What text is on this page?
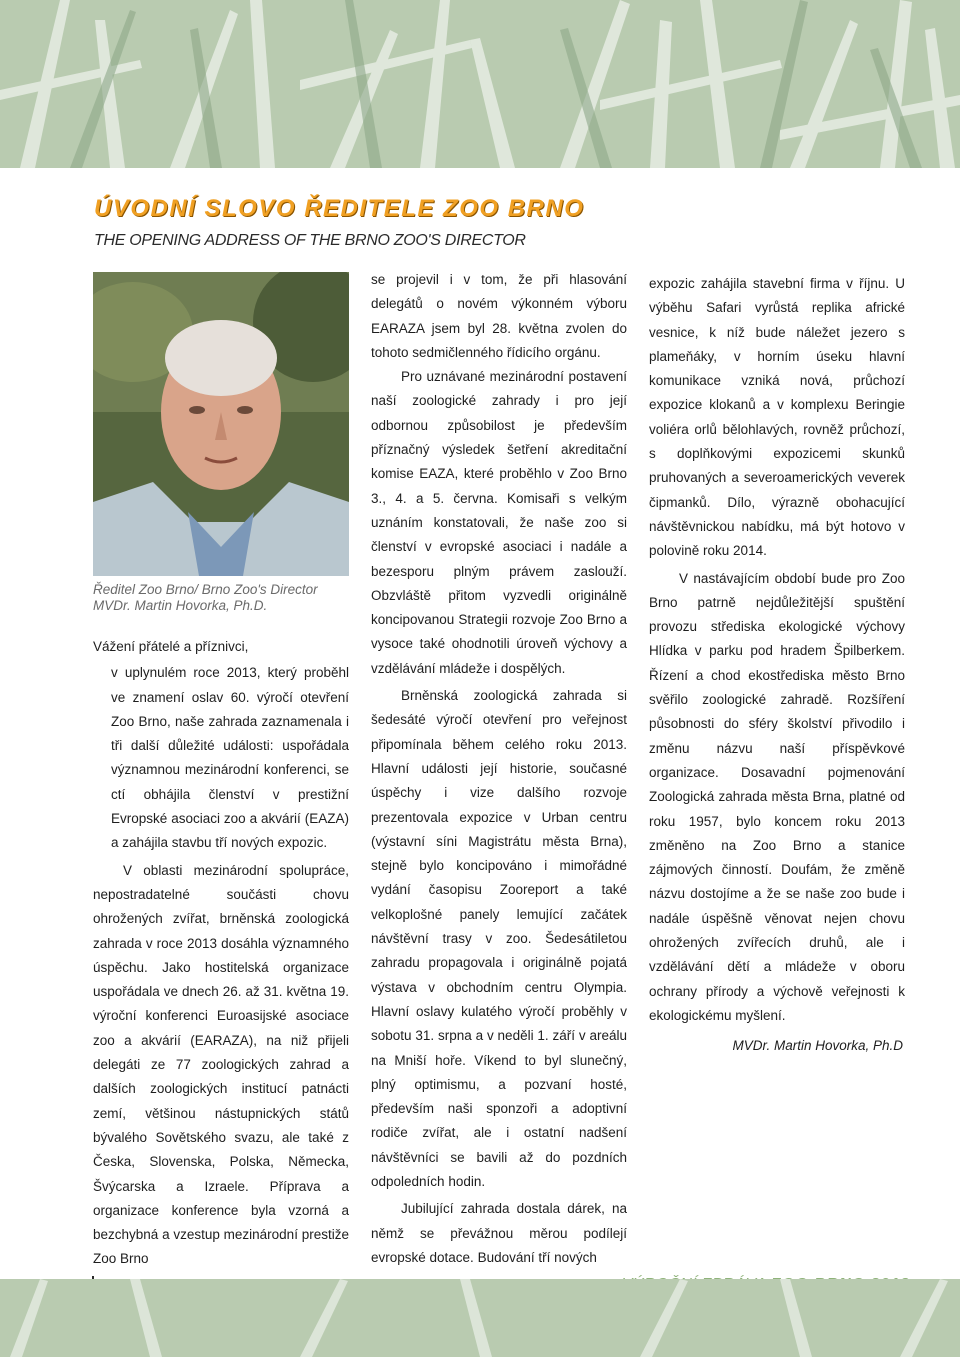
ÚVODNÍ SLOVO ŘEDITELE ZOO BRNO
THE OPENING ADDRESS OF THE BRNO ZOO'S DIRECTOR
Ředitel Zoo Brno/ Brno Zoo's Director
MVDr. Martin Hovorka, Ph.D.

Vážení přátelé a příznivci,

v uplynulém roce 2013, který proběhl ve znamení oslav 60. výročí otevření Zoo Brno, naše zahrada zaznamenala i tři další důležité události: uspořádala významnou mezinárodní konferenci, se ctí obhájila členství v prestižní Evropské asociaci zoo a akvárií (EAZA) a zahájila stavbu tří nových expozic.

V oblasti mezinárodní spolupráce, nepostradatelné součásti chovu ohrožených zvířat, brněnská zoologická zahrada v roce 2013 dosáhla významného úspěchu. Jako hostitelská organizace uspořádala ve dnech 26. až 31. května 19. výroční konferenci Euroasijské asociace zoo a akvárií (EARAZA), na niž přijeli delegáti ze 77 zoologických zahrad a dalších zoologických institucí patnácti zemí, většinou nástupnických států bývalého Sovětského svazu, ale také z Česka, Slovenska, Polska, Německa, Švýcarska a Izraele. Příprava a organizace konference byla vzorná a bezchybná a vzestup mezinárodní prestiže Zoo Brno

se projevil i v tom, že při hlasování delegátů o novém výkonném výboru EARAZA jsem byl 28. května zvolen do tohoto sedmičlenného řídicího orgánu.

Pro uznávané mezinárodní postavení naší zoologické zahrady i pro její odbornou způsobilost je především příznačný výsledek šetření akreditační komise EAZA, které proběhlo v Zoo Brno 3., 4. a 5. června. Komisaři s velkým uznáním konstatovali, že naše zoo si členství v evropské asociaci i nadále a bezesporu plným právem zaslouží. Obzvláště přitom vyzvedli originálně koncipovanou Strategii rozvoje Zoo Brno a vysoce také ohodnotili úroveň výchovy a vzdělávání mládeže i dospělých.

Brněnská zoologická zahrada si šedesáté výročí otevření pro veřejnost připomínala během celého roku 2013. Hlavní události její historie, současné úspěchy i vize dalšího rozvoje prezentovala expozice v Urban centru (výstavní síni Magistrátu města Brna), stejně bylo koncipováno i mimořádné vydání časopisu Zooreport a také velkoplošné panely lemující začátek návštěvní trasy v zoo. Šedesátiletou zahradu propagovala i originálně pojatá výstava v obchodním centru Olympia. Hlavní oslavy kulatého výročí proběhly v sobotu 31. srpna a v neděli 1. září v areálu na Mniší hoře. Víkend to byl slunečný, plný optimismu, a pozvaní hosté, především naši sponzoři a adoptivní rodiče zvířat, ale i ostatní nadšení návštěvníci se bavili až do pozdních odpoledních hodin.

Jubilující zahrada dostala dárek, na němž se převážnou měrou podílejí evropské dotace. Budování tří nových

expozic zahájila stavební firma v říjnu. U výběhu Safari vyrůstá replika africké vesnice, k níž bude náležet jezero s plameňáky, v horním úseku hlavní komunikace vzniká nová, průchozí expozice klokanů a v komplexu Beringie voliéra orlů bělohlavých, rovněž průchozí, s doplňkovými expozicemi skunků pruhovaných a severoamerických veverek čipmanků. Dílo, výrazně obohacující návštěvnickou nabídku, má být hotovo v polovině roku 2014.

V nastávajícím období bude pro Zoo Brno patrně nejdůležitější spuštění provozu střediska ekologické výchovy Hlídka v parku pod hradem Špilberkem. Řízení a chod ekostřediska město Brno svěřilo zoologické zahradě. Rozšíření působnosti do sféry školství přivodilo i změnu názvu naší příspěvkové organizace. Dosavadní pojmenování Zoologická zahrada města Brna, platné od roku 1957, bylo koncem roku 2013 změněno na Zoo Brno a stanice zájmových činností. Doufám, že změně názvu dostojíme a že se naše zoo bude i nadále úspěšně věnovat nejen chovu ohrožených zvířecích druhů, ale i vzdělávání dětí a mládeže v oboru ochrany přírody a výchově veřejnosti k ekologickému myšlení.

MVDr. Martin Hovorka, Ph.D
